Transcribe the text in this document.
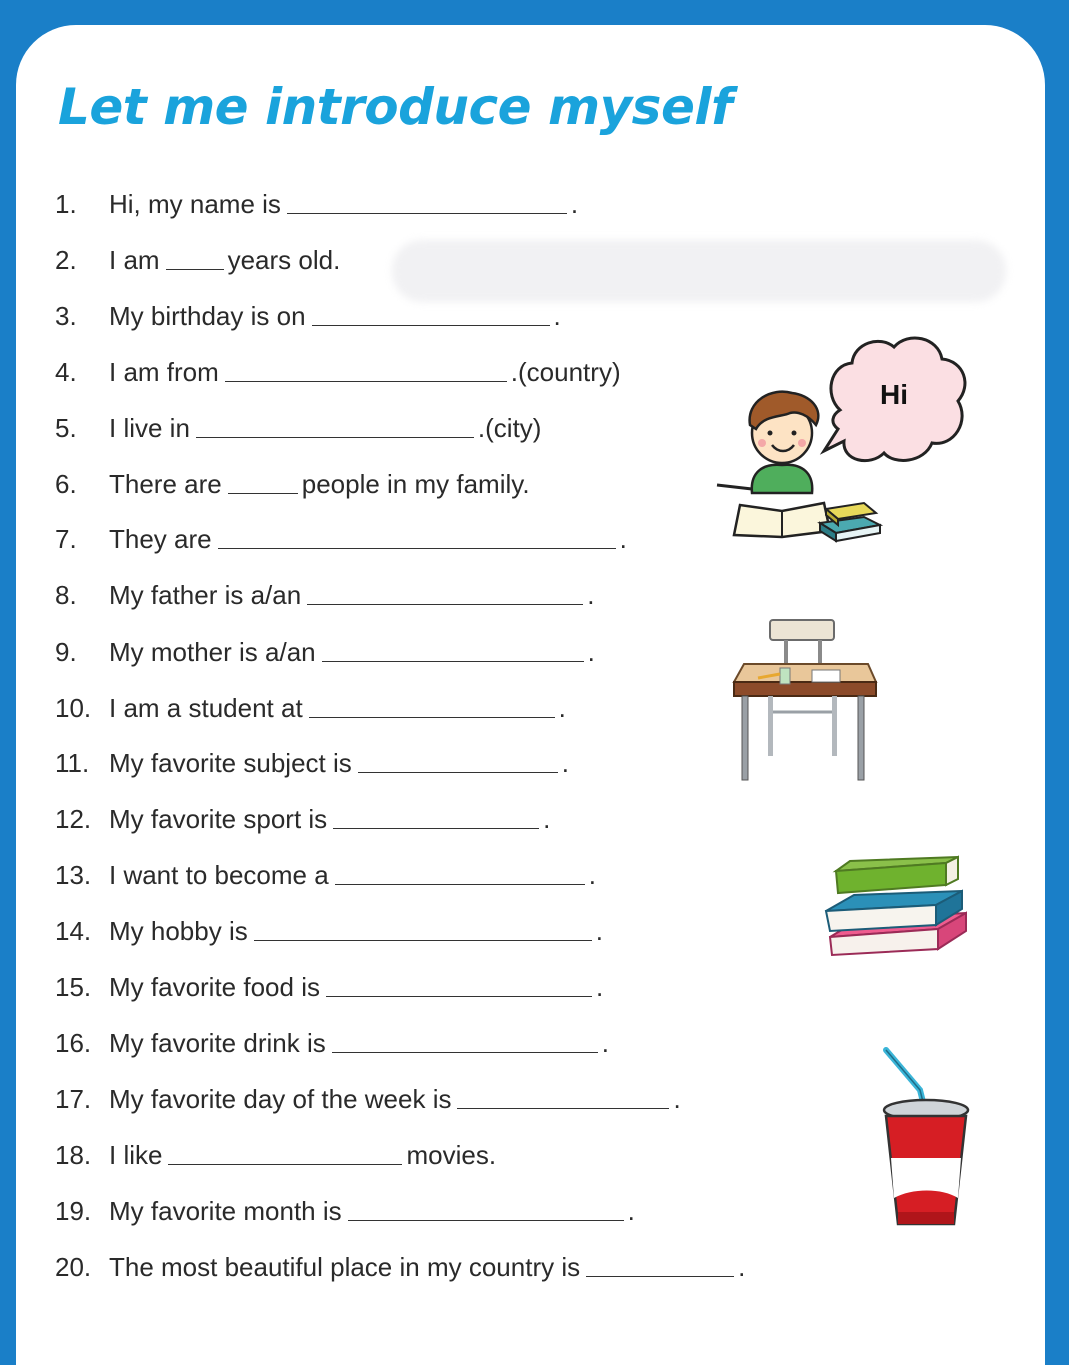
Let me introduce myself
1.	Hi, my name is	.
2.	I am	years old.
3.	My birthday is on	.
4.	I am from	.(country)
5.	I live in	.(city)
6.	There are	people in my family.
7.	They are	.
8.	My father is a/an	.
9.	My mother is a/an	.
10. I am a student at	.
11. My favorite subject is	.
12. My favorite sport is	.
13. I want to become a	.
14. My hobby is	.
15. My favorite food is	.
16. My favorite drink is	.
17. My favorite day of the week is	.
18. I like	movies.
19. My favorite month is	.
20. The most beautiful place in my country is	.
Hi
